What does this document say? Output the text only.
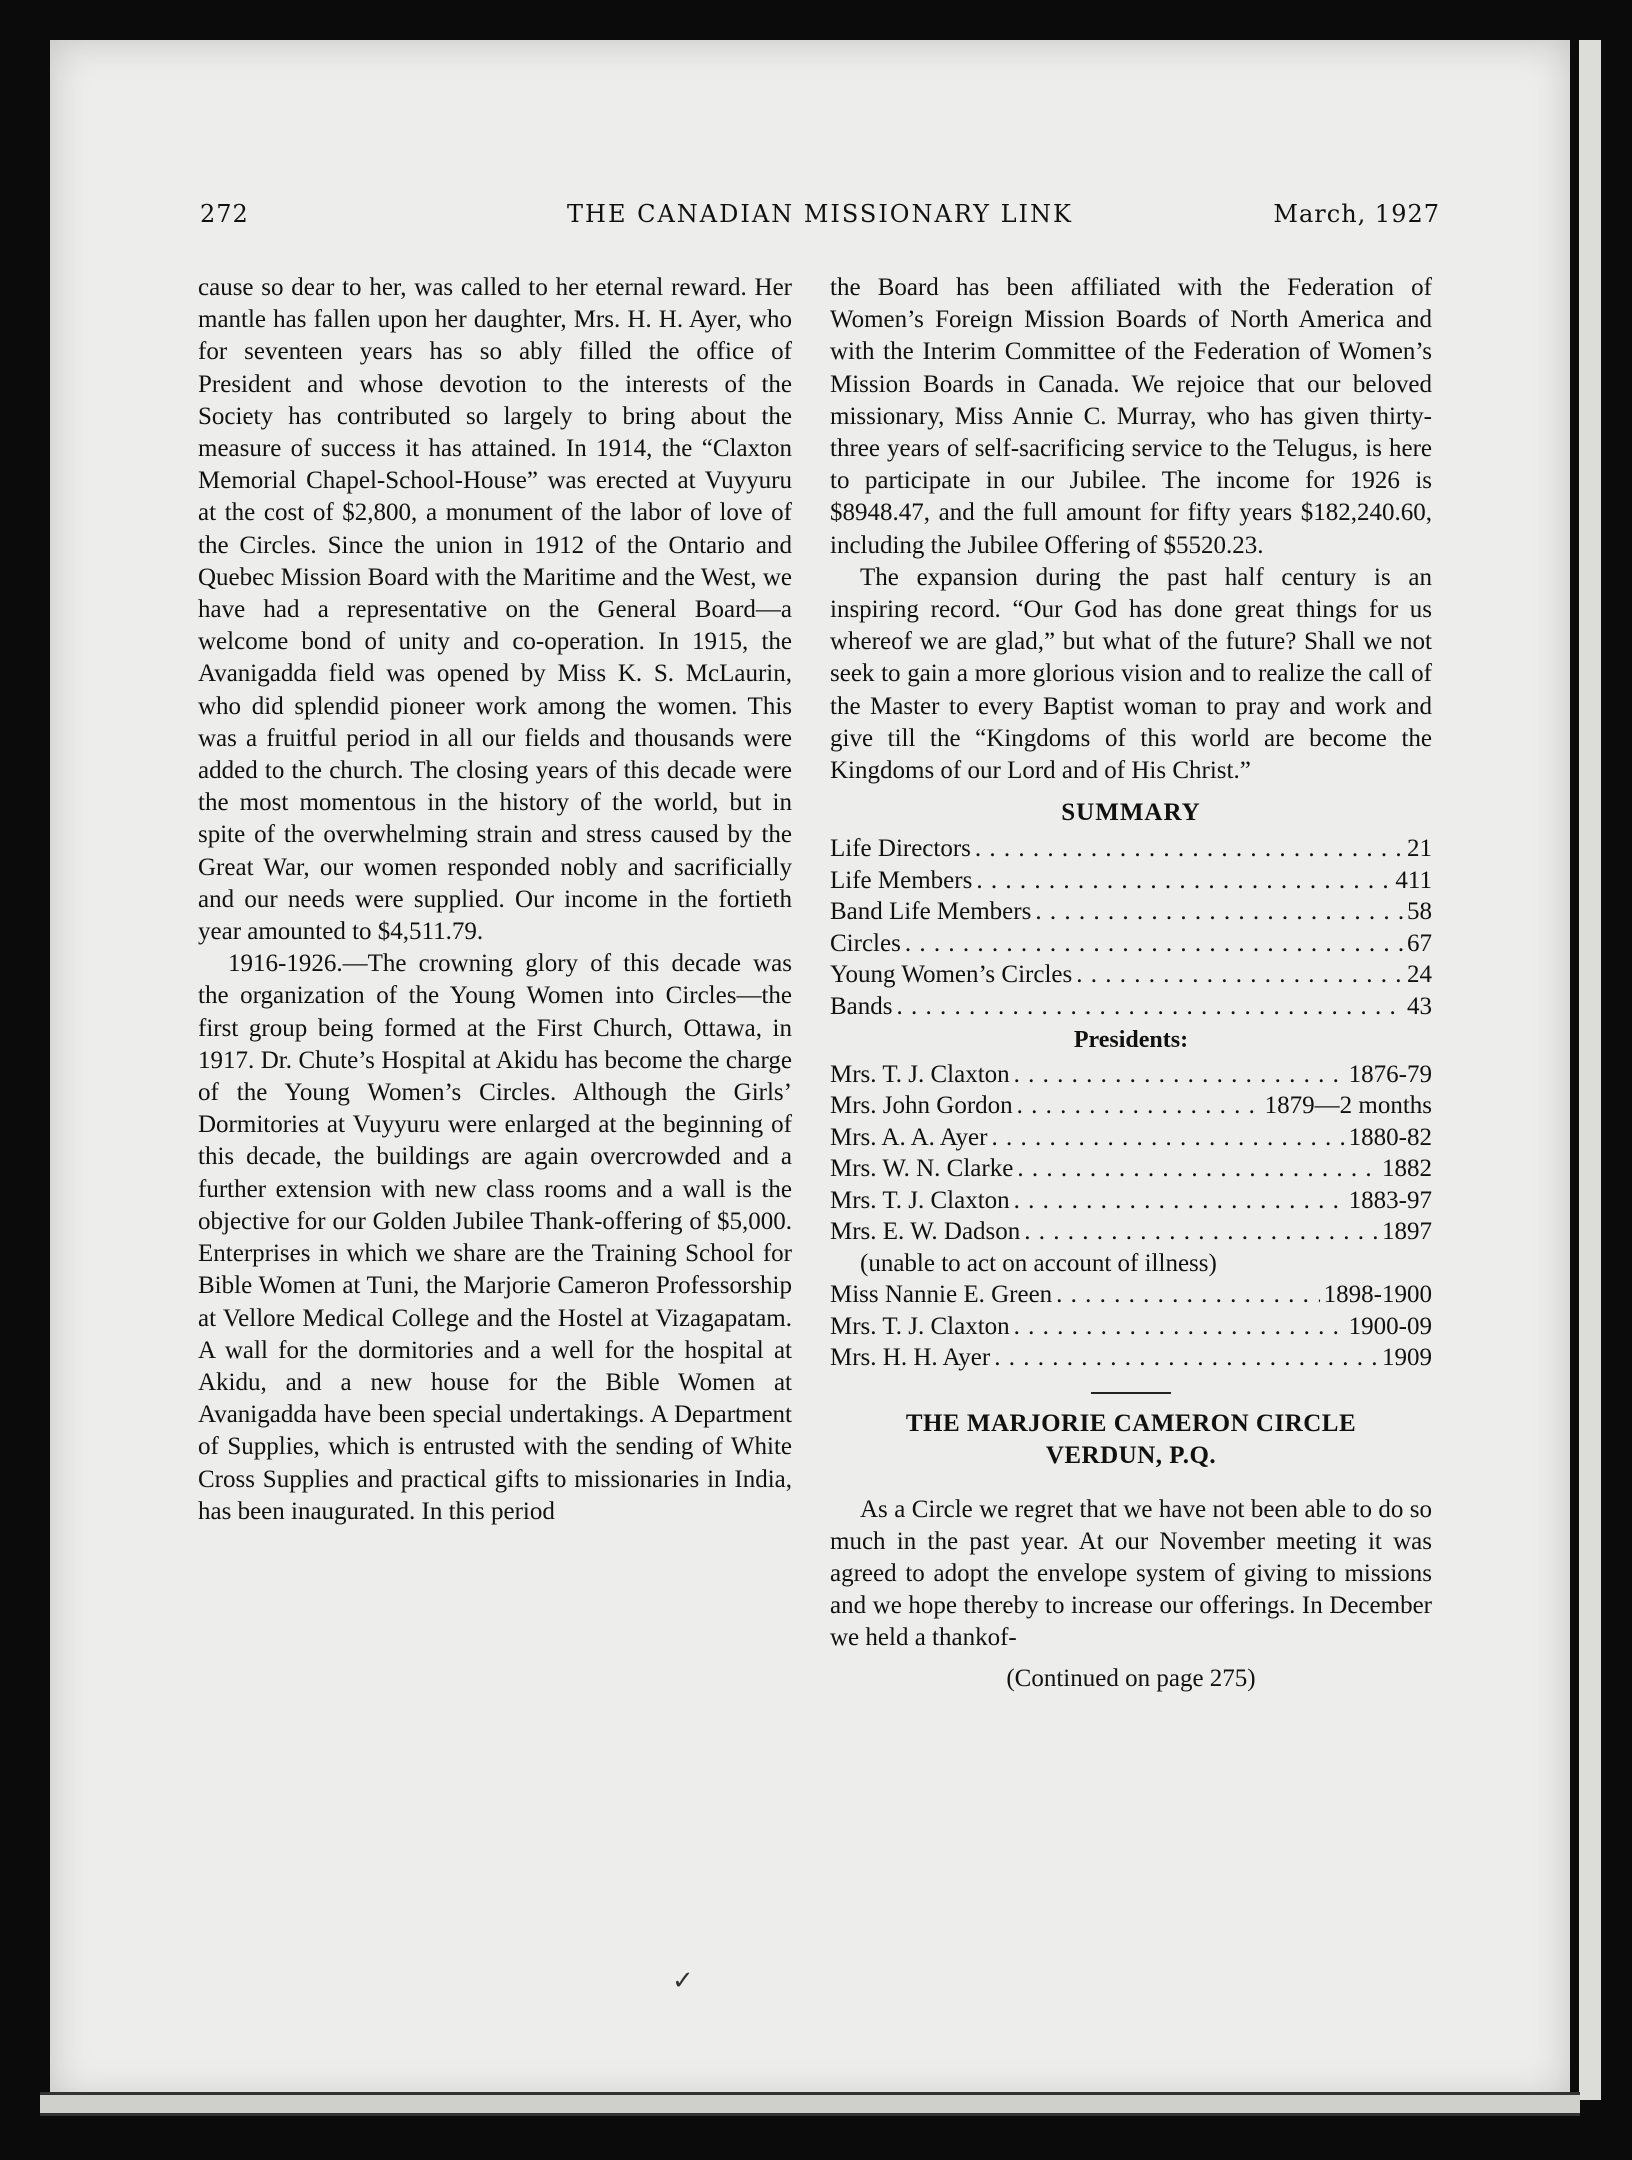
THE CANADIAN MISSIONARY LINK
272	March, 1927

cause so dear to her, was called to her eternal reward. Her mantle has fallen upon her daughter, Mrs. H. H. Ayer, who for seventeen years has so ably filled the office of President and whose devotion to the interests of the Society has contributed so largely to bring about the measure of success it has attained. In 1914, the “Claxton Memorial Chapel-School-House” was erected at Vuyyuru at the cost of $2,800, a monument of the labor of love of the Circles. Since the union in 1912 of the Ontario and Quebec Mission Board with the Maritime and the West, we have had a representative on the General Board—a welcome bond of unity and co-operation. In 1915, the Avanigadda field was opened by Miss K. S. McLaurin, who did splendid pioneer work among the women. This was a fruitful period in all our fields and thousands were added to the church. The closing years of this decade were the most momentous in the history of the world, but in spite of the overwhelming strain and stress caused by the Great War, our women responded nobly and sacrificially and our needs were supplied. Our income in the fortieth year amounted to $4,511.79.

1916-1926.—The crowning glory of this decade was the organization of the Young Women into Circles—the first group being formed at the First Church, Ottawa, in 1917. Dr. Chute’s Hospital at Akidu has become the charge of the Young Women’s Circles. Although the Girls’ Dormitories at Vuyyuru were enlarged at the beginning of this decade, the buildings are again overcrowded and a further extension with new class rooms and a wall is the objective for our Golden Jubilee Thank-offering of $5,000. Enterprises in which we share are the Training School for Bible Women at Tuni, the Marjorie Cameron Professorship at Vellore Medical College and the Hostel at Vizagapatam. A wall for the dormitories and a well for the hospital at Akidu, and a new house for the Bible Women at Avanigadda have been special undertakings. A Department of Supplies, which is entrusted with the sending of White Cross Supplies and practical gifts to missionaries in India, has been inaugurated. In this period

the Board has been affiliated with the Federation of Women’s Foreign Mission Boards of North America and with the Interim Committee of the Federation of Women’s Mission Boards in Canada. We rejoice that our beloved missionary, Miss Annie C. Murray, who has given thirty-three years of self-sacrificing service to the Telugus, is here to participate in our Jubilee. The income for 1926 is $8948.47, and the full amount for fifty years $182,240.60, including the Jubilee Offering of $5520.23.

The expansion during the past half century is an inspiring record. “Our God has done great things for us whereof we are glad,” but what of the future? Shall we not seek to gain a more glorious vision and to realize the call of the Master to every Baptist woman to pray and work and give till the “Kingdoms of this world are become the Kingdoms of our Lord and of His Christ.”

SUMMARY
Life Directors . . .	21
Life Members . . .	411
Band Life Members . . .	58
Circles . . .	67
Young Women’s Circles . . .	24
Bands . . .	43
Presidents:
Mrs. T. J. Claxton . . .	1876-79
Mrs. John Gordon . . .	1879—2 months
Mrs. A. A. Ayer . . .	1880-82
Mrs. W. N. Clarke . . .	1882
Mrs. T. J. Claxton . . .	1883-97
Mrs. E. W. Dadson . . .	1897
(unable to act on account of illness)
Miss Nannie E. Green . . .	1898-1900
Mrs. T. J. Claxton . . .	1900-09
Mrs. H. H. Ayer . . .	1909
THE MARJORIE CAMERON CIRCLE
VERDUN, P.Q.

As a Circle we regret that we have not been able to do so much in the past year. At our November meeting it was agreed to adopt the envelope system of giving to missions and we hope thereby to increase our offerings. In December we held a thankof-

(Continued on page 275)
✓
